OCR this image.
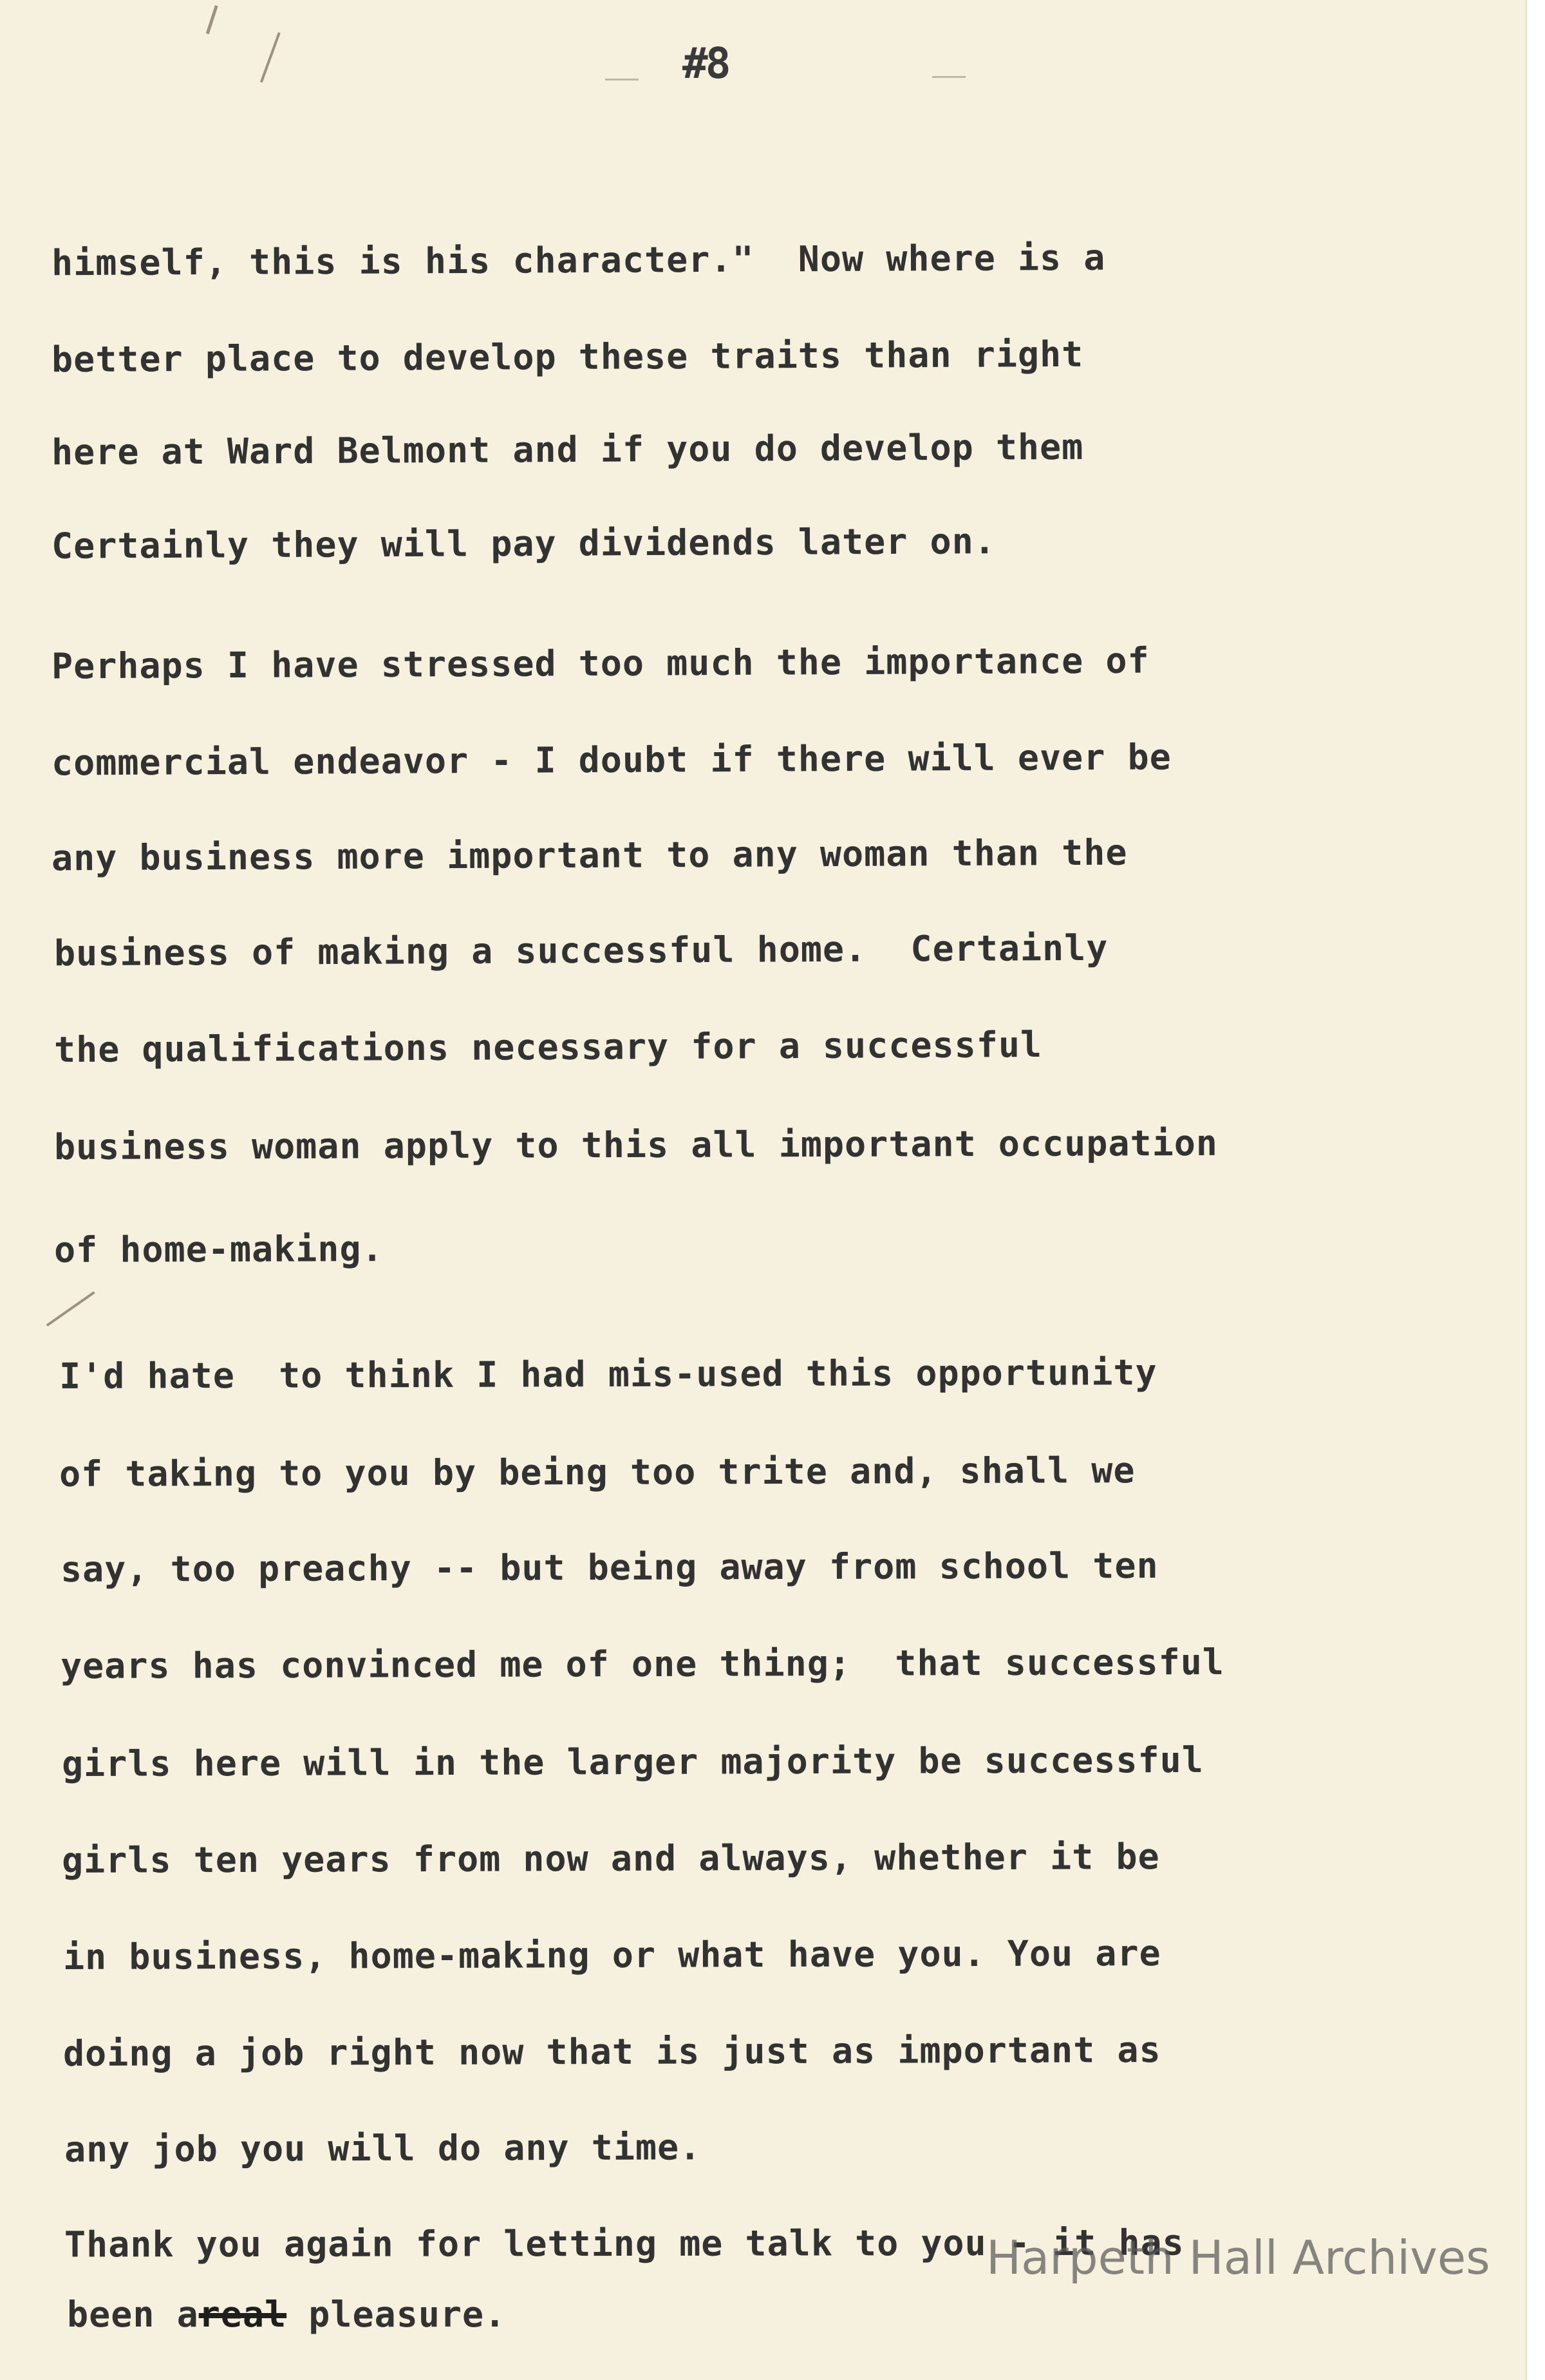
#8
himself, this is his character."  Now where is a
better place to develop these traits than right
here at Ward Belmont and if you do develop them
Certainly they will pay dividends later on.
Perhaps I have stressed too much the importance of
commercial endeavor - I doubt if there will ever be
any business more important to any woman than the
business of making a successful home.  Certainly
the qualifications necessary for a successful
business woman apply to this all important occupation
of home-making.
I'd hate  to think I had mis-used this opportunity
of taking to you by being too trite and, shall we
say, too preachy -- but being away from school ten
years has convinced me of one thing;  that successful
girls here will in the larger majority be successful
girls ten years from now and always, whether it be
in business, home-making or what have you. You are
doing a job right now that is just as important as
any job you will do any time.
Thank you again for letting me talk to you - it has
been areal pleasure.
Harpeth Hall Archives
